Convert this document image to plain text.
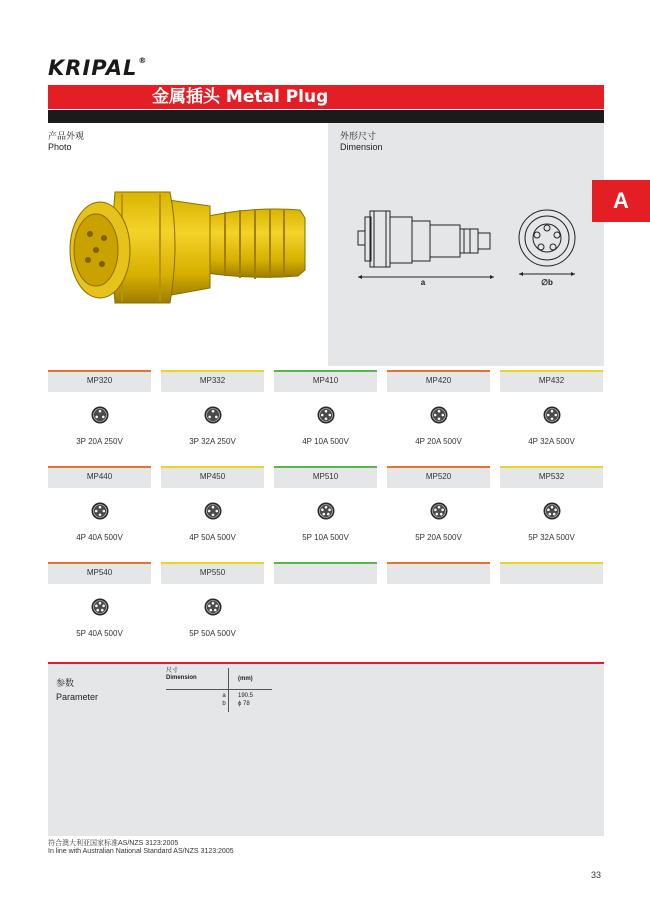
KRIPAL®
金属插头 Metal Plug
产品外观
Photo
外形尺寸
Dimension
a	∅b
A
MP320
3P 20A 250V
MP332
3P 32A 250V
MP410
4P 10A 500V
MP420
4P 20A 500V
MP432
4P 32A 500V
MP440
4P 40A 500V
MP450
4P 50A 500V
MP510
5P 10A 500V
MP520
5P 20A 500V
MP532
5P 32A 500V
MP540
5P 40A 500V
MP550
5P 50A 500V
参数
Parameter
尺寸
Dimension	(mm)
a	190.5
b	ϕ 78
符合澳大利亚国家标准AS/NZS 3123:2005
In line with Australian National Standard AS/NZS 3123:2005
33
